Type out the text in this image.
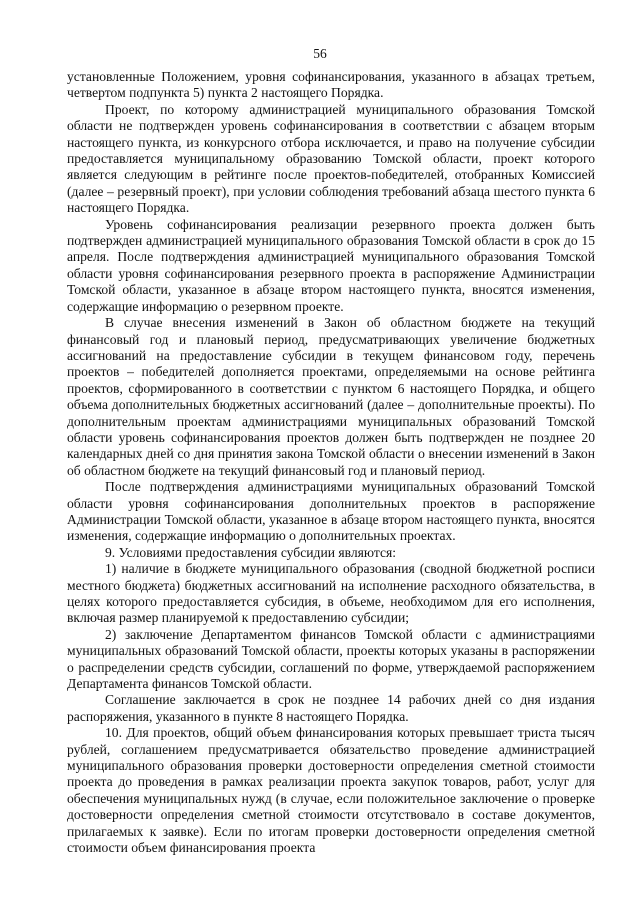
56

установленные Положением, уровня софинансирования, указанного в абзацах третьем, четвертом подпункта 5) пункта 2 настоящего Порядка.

Проект, по которому администрацией муниципального образования Томской области не подтвержден уровень софинансирования в соответствии с абзацем вторым настоящего пункта, из конкурсного отбора исключается, и право на получение субсидии предоставляется муниципальному образованию Томской области, проект которого является следующим в рейтинге после проектов-победителей, отобранных Комиссией (далее – резервный проект), при условии соблюдения требований абзаца шестого пункта 6 настоящего Порядка.

Уровень софинансирования реализации резервного проекта должен быть подтвержден администрацией муниципального образования Томской области в срок до 15 апреля. После подтверждения администрацией муниципального образования Томской области уровня софинансирования резервного проекта в распоряжение Администрации Томской области, указанное в абзаце втором настоящего пункта, вносятся изменения, содержащие информацию о резервном проекте.

В случае внесения изменений в Закон об областном бюджете на текущий финансовый год и плановый период, предусматривающих увеличение бюджетных ассигнований на предоставление субсидии в текущем финансовом году, перечень проектов – победителей дополняется проектами, определяемыми на основе рейтинга проектов, сформированного в соответствии с пунктом 6 настоящего Порядка, и общего объема дополнительных бюджетных ассигнований (далее – дополнительные проекты). По дополнительным проектам администрациями муниципальных образований Томской области уровень софинансирования проектов должен быть подтвержден не позднее 20 календарных дней со дня принятия закона Томской области о внесении изменений в Закон об областном бюджете на текущий финансовый год и плановый период.

После подтверждения администрациями муниципальных образований Томской области уровня софинансирования дополнительных проектов в распоряжение Администрации Томской области, указанное в абзаце втором настоящего пункта, вносятся изменения, содержащие информацию о дополнительных проектах.

9. Условиями предоставления субсидии являются:

1) наличие в бюджете муниципального образования (сводной бюджетной росписи местного бюджета) бюджетных ассигнований на исполнение расходного обязательства, в целях которого предоставляется субсидия, в объеме, необходимом для его исполнения, включая размер планируемой к предоставлению субсидии;

2) заключение Департаментом финансов Томской области с администрациями муниципальных образований Томской области, проекты которых указаны в распоряжении о распределении средств субсидии, соглашений по форме, утверждаемой распоряжением Департамента финансов Томской области.

Соглашение заключается в срок не позднее 14 рабочих дней со дня издания распоряжения, указанного в пункте 8 настоящего Порядка.

10. Для проектов, общий объем финансирования которых превышает триста тысяч рублей, соглашением предусматривается обязательство проведение администрацией муниципального образования проверки достоверности определения сметной стоимости проекта до проведения в рамках реализации проекта закупок товаров, работ, услуг для обеспечения муниципальных нужд (в случае, если положительное заключение о проверке достоверности определения сметной стоимости отсутствовало в составе документов, прилагаемых к заявке). Если по итогам проверки достоверности определения сметной стоимости объем финансирования проекта
